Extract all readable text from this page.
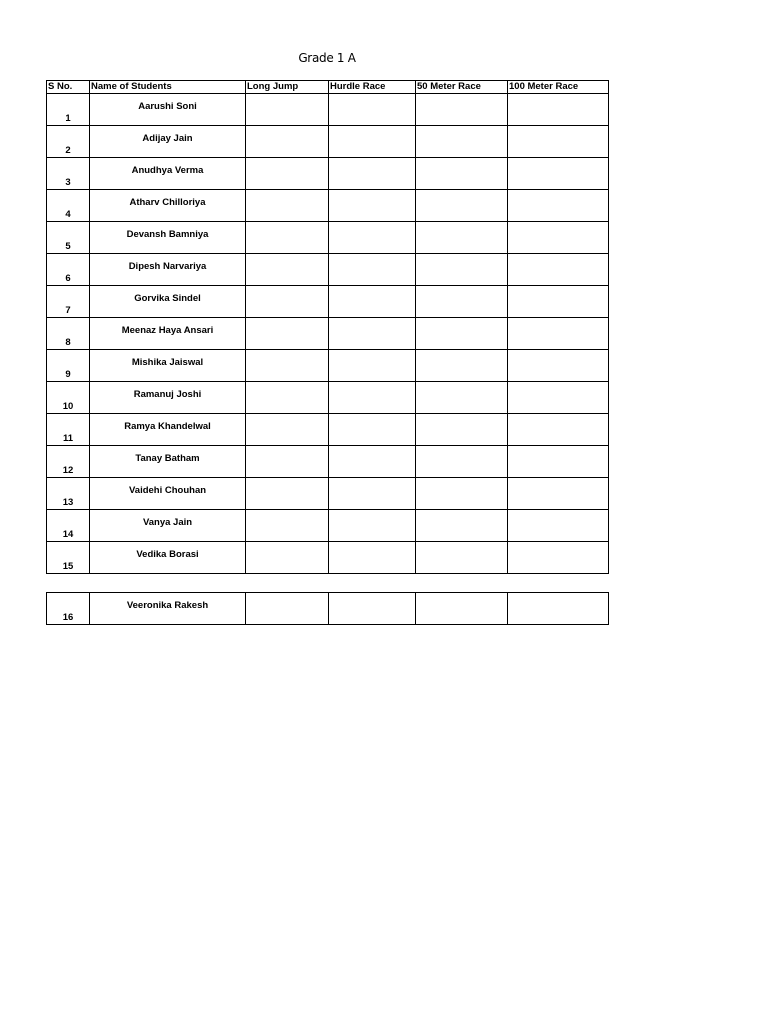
Grade 1 A
S No.	Name of Students	Long Jump	Hurdle Race	50 Meter Race	100 Meter Race
1	Aarushi Soni				
2	Adijay Jain				
3	Anudhya Verma				
4	Atharv Chilloriya				
5	Devansh Bamniya				
6	Dipesh Narvariya				
7	Gorvika Sindel				
8	Meenaz Haya Ansari				
9	Mishika Jaiswal				
10	Ramanuj Joshi				
11	Ramya Khandelwal				
12	Tanay Batham				
13	Vaidehi Chouhan				
14	Vanya Jain				
15	Vedika Borasi				
16	Veeronika Rakesh				
